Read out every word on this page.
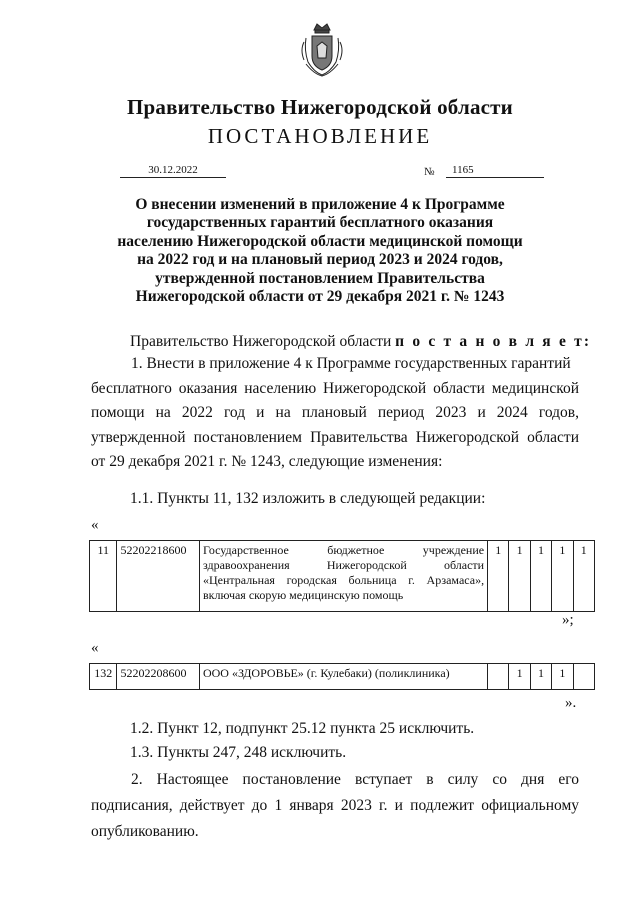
Правительство Нижегородской области
ПОСТАНОВЛЕНИЕ
30.12.2022	№	1165
О внесении изменений в приложение 4 к Программе государственных гарантий бесплатного оказания населению Нижегородской области медицинской помощи на 2022 год и на плановый период 2023 и 2024 годов, утвержденной постановлением Правительства Нижегородской области от 29 декабря 2021 г. № 1243
Правительство Нижегородской области п о с т а н о в л я е т:
1. Внести в приложение 4 к Программе государственных гарантий
бесплатного оказания населению Нижегородской области медицинской помощи на 2022 год и на плановый период 2023 и 2024 годов, утвержденной постановлением Правительства Нижегородской области от 29 декабря 2021 г. № 1243, следующие изменения:
1.1. Пункты 11, 132 изложить в следующей редакции:
«
11	52202218600	Государственное бюджетное учреждение здравоохранения Нижегородской области «Центральная городская больница г. Арзамаса», включая скорую медицинскую помощь	1	1	1	1	1
»;
«
132	52202208600	ООО «ЗДОРОВЬЕ» (г. Кулебаки) (поликлиника)		1	1	1	
».
1.2. Пункт 12, подпункт 25.12 пункта 25 исключить.
1.3. Пункты 247, 248 исключить.
2. Настоящее постановление вступает в силу со дня его подписания, действует до 1 января 2023 г. и подлежит официальному опубликованию.
